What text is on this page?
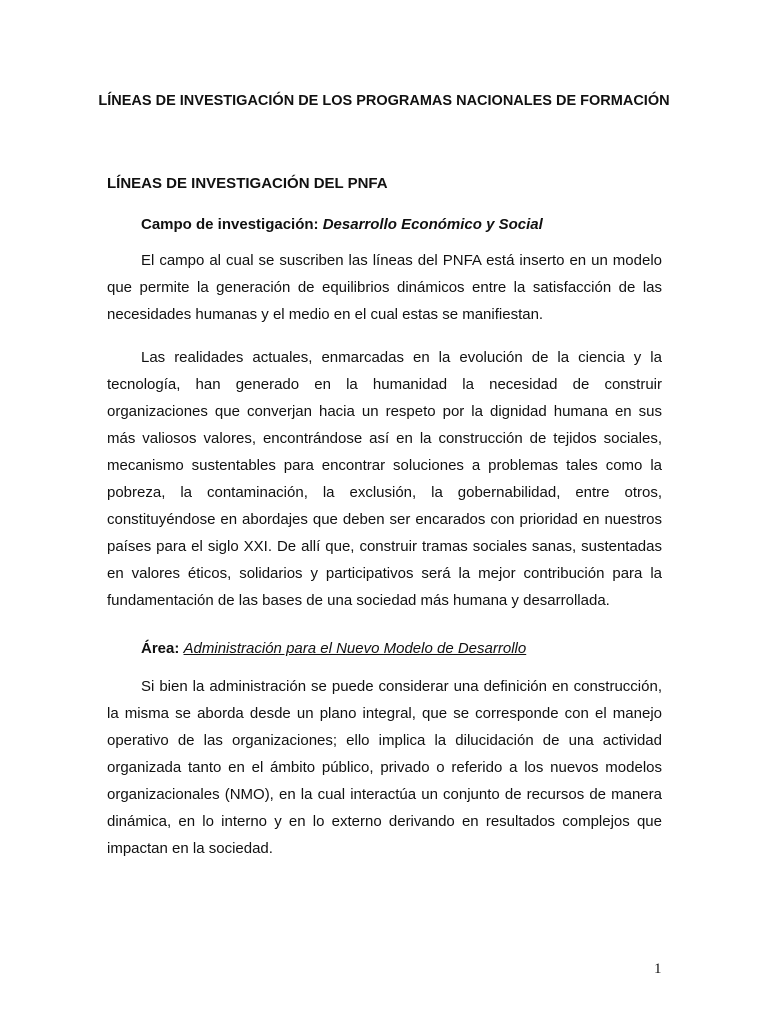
LÍNEAS DE INVESTIGACIÓN DE LOS PROGRAMAS NACIONALES DE FORMACIÓN
LÍNEAS DE INVESTIGACIÓN DEL PNFA
Campo de investigación: Desarrollo Económico y Social

El campo al cual se suscriben las líneas del PNFA está inserto en un modelo que permite la generación de equilibrios dinámicos entre la satisfacción de las necesidades humanas y el medio en el cual estas se manifiestan.

Las realidades actuales, enmarcadas en la evolución de la ciencia y la tecnología, han generado en la humanidad la necesidad de construir organizaciones que converjan hacia un respeto por la dignidad humana en sus más valiosos valores, encontrándose así en la construcción de tejidos sociales, mecanismo sustentables para encontrar soluciones a problemas tales como la pobreza, la contaminación, la exclusión, la gobernabilidad, entre otros, constituyéndose en abordajes que deben ser encarados con prioridad en nuestros países para el siglo XXI. De allí que, construir tramas sociales sanas, sustentadas en valores éticos, solidarios y participativos será la mejor contribución para la fundamentación de las bases de una sociedad más humana y desarrollada.

Área: Administración para el Nuevo Modelo de Desarrollo

Si bien la administración se puede considerar una definición en construcción, la misma se aborda desde un plano integral, que se corresponde con el manejo operativo de las organizaciones; ello implica la dilucidación de una actividad organizada tanto en el ámbito público, privado o referido a los nuevos modelos organizacionales (NMO), en la cual interactúa un conjunto de recursos de manera dinámica, en lo interno y en lo externo derivando en resultados complejos que impactan en la sociedad.

1
